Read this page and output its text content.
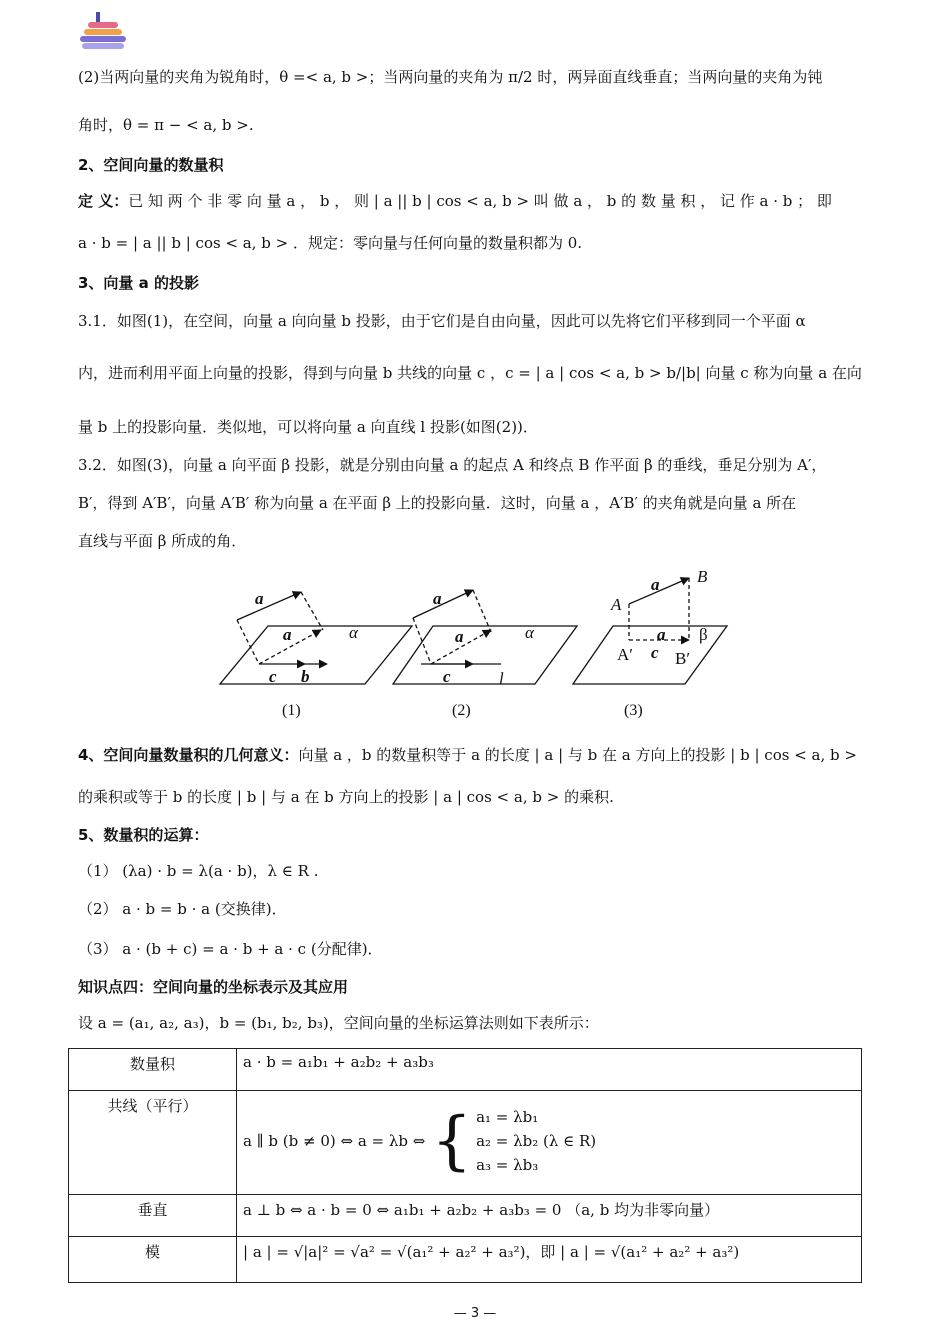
(2)当两向量的夹角为锐角时，θ =< a, b >；当两向量的夹角为 π/2 时，两异面直线垂直；当两向量的夹角为钝
角时，θ = π − < a, b >.
2、空间向量的数量积
定 义：已 知 两 个 非 零 向 量 a ， b ， 则 | a || b | cos < a, b > 叫 做 a ， b 的 数 量 积 ， 记 作 a · b ； 即
a · b = | a || b | cos < a, b > ．规定：零向量与任何向量的数量积都为 0.
3、向量 a 的投影
3.1．如图(1)，在空间，向量 a 向向量 b 投影，由于它们是自由向量，因此可以先将它们平移到同一个平面 α
内，进而利用平面上向量的投影，得到与向量 b 共线的向量 c ，c = | a | cos < a, b > b/|b| 向量 c 称为向量 a 在向
量 b 上的投影向量．类似地，可以将向量 a 向直线 l 投影(如图(2))．
3.2．如图(3)，向量 a 向平面 β 投影，就是分别由向量 a 的起点 A 和终点 B 作平面 β 的垂线，垂足分别为 A′，
B′，得到 A′B′，向量 A′B′ 称为向量 a 在平面 β 上的投影向量．这时，向量 a ，A′B′ 的夹角就是向量 a 所在
直线与平面 β 所成的角．
a
a	α
c b
a
a	α
c	l
a B
A
a β
A′ c B′
(1)	(2)	(3)
4、空间向量数量积的几何意义：向量 a ，b 的数量积等于 a 的长度 | a | 与 b 在 a 方向上的投影 | b | cos < a, b >
的乘积或等于 b 的长度 | b | 与 a 在 b 方向上的投影 | a | cos < a, b > 的乘积.
5、数量积的运算：
（1） (λa) · b = λ(a · b)，λ ∈ R .
（2） a · b = b · a (交换律)．
（3） a · (b + c) = a · b + a · c (分配律)．
知识点四：空间向量的坐标表示及其应用
设 a = (a₁, a₂, a₃)，b = (b₁, b₂, b₃)，空间向量的坐标运算法则如下表所示：
数量积	a · b = a₁b₁ + a₂b₂ + a₃b₃
共线（平行）	a ∥ b (b ≠ 0) ⇔ a = λb ⇔ { a₁ = λb₁
a₂ = λb₂ (λ ∈ R)
a₃ = λb₃

垂直	a ⊥ b ⇔ a · b = 0 ⇔ a₁b₁ + a₂b₂ + a₃b₃ = 0 （a, b 均为非零向量）
模	| a | = √|a|² = √a² = √(a₁² + a₂² + a₃²)，即 | a | = √(a₁² + a₂² + a₃²)
— 3 —
